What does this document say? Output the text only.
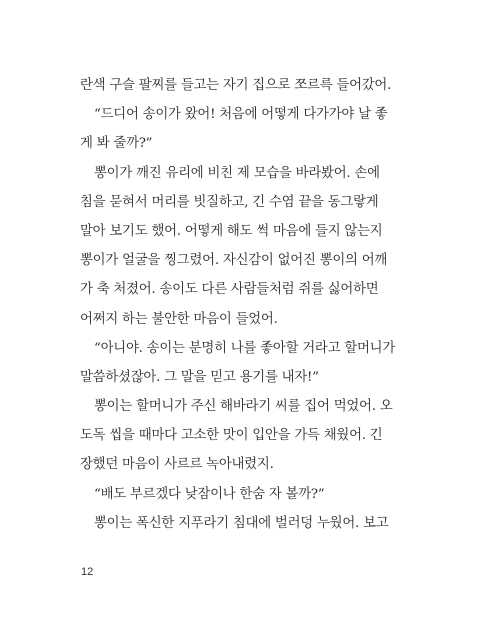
란색 구슬 팔찌를 들고는 자기 집으로 쪼르륵 들어갔어.
“드디어 송이가 왔어! 처음에 어떻게 다가가야 날 좋
게 봐 줄까?”
뽕이가 깨진 유리에 비친 제 모습을 바라봤어. 손에
침을 묻혀서 머리를 빗질하고, 긴 수염 끝을 동그랗게
말아 보기도 했어. 어떻게 해도 썩 마음에 들지 않는지
뽕이가 얼굴을 찡그렸어. 자신감이 없어진 뽕이의 어깨
가 축 처졌어. 송이도 다른 사람들처럼 쥐를 싫어하면
어쩌지 하는 불안한 마음이 들었어.
“아니야. 송이는 분명히 나를 좋아할 거라고 할머니가
말씀하셨잖아. 그 말을 믿고 용기를 내자!”
뽕이는 할머니가 주신 해바라기 씨를 집어 먹었어. 오
도독 씹을 때마다 고소한 맛이 입안을 가득 채웠어. 긴
장했던 마음이 사르르 녹아내렸지.
“배도 부르겠다 낮잠이나 한숨 자 볼까?”
뽕이는 폭신한 지푸라기 침대에 벌러덩 누웠어. 보고
12
